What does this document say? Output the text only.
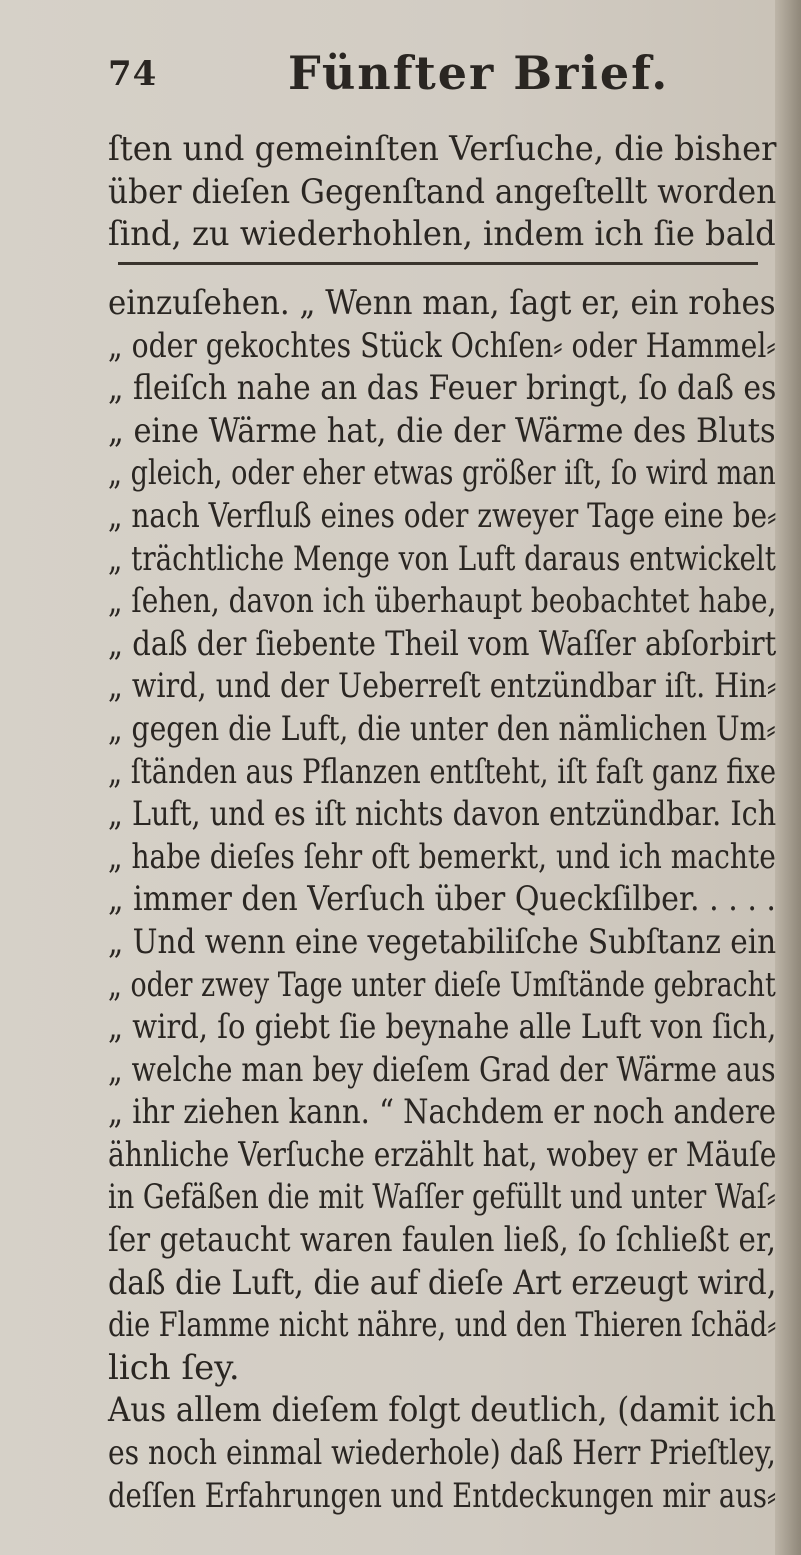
74	Fünfter Brief.
ſten und gemeinſten Verſuche, die bisher
über dieſen Gegenſtand angeſtellt worden
ſind, zu wiederhohlen, indem ich ſie bald
einzuſehen. „ Wenn man, ſagt er, ein rohes
„ oder gekochtes Stück Ochſen⸗ oder Hammel⸗
„ fleiſch nahe an das Feuer bringt, ſo daß es
„ eine Wärme hat, die der Wärme des Bluts
„ gleich, oder eher etwas größer iſt, ſo wird man
„ nach Verfluß eines oder zweyer Tage eine be⸗
„ trächtliche Menge von Luft daraus entwickelt
„ ſehen, davon ich überhaupt beobachtet habe,
„ daß der ſiebente Theil vom Waſſer abſorbirt
„ wird, und der Ueberreſt entzündbar iſt. Hin⸗
„ gegen die Luft, die unter den nämlichen Um⸗
„ ſtänden aus Pflanzen entſteht, iſt faſt ganz fixe
„ Luft, und es iſt nichts davon entzündbar. Ich
„ habe dieſes ſehr oft bemerkt, und ich machte
„ immer den Verſuch über Queckſilber. . . . .
„ Und wenn eine vegetabiliſche Subſtanz ein
„ oder zwey Tage unter dieſe Umſtände gebracht
„ wird, ſo giebt ſie beynahe alle Luft von ſich,
„ welche man bey dieſem Grad der Wärme aus
„ ihr ziehen kann. “ Nachdem er noch andere
ähnliche Verſuche erzählt hat, wobey er Mäuſe
in Gefäßen die mit Waſſer gefüllt und unter Waſ⸗
ſer getaucht waren faulen ließ, ſo ſchließt er,
daß die Luft, die auf dieſe Art erzeugt wird,
die Flamme nicht nähre, und den Thieren ſchäd⸗
lich ſey.
Aus allem dieſem folgt deutlich, (damit ich
es noch einmal wiederhole) daß Herr Prieſtley,
deſſen Erfahrungen und Entdeckungen mir aus⸗
